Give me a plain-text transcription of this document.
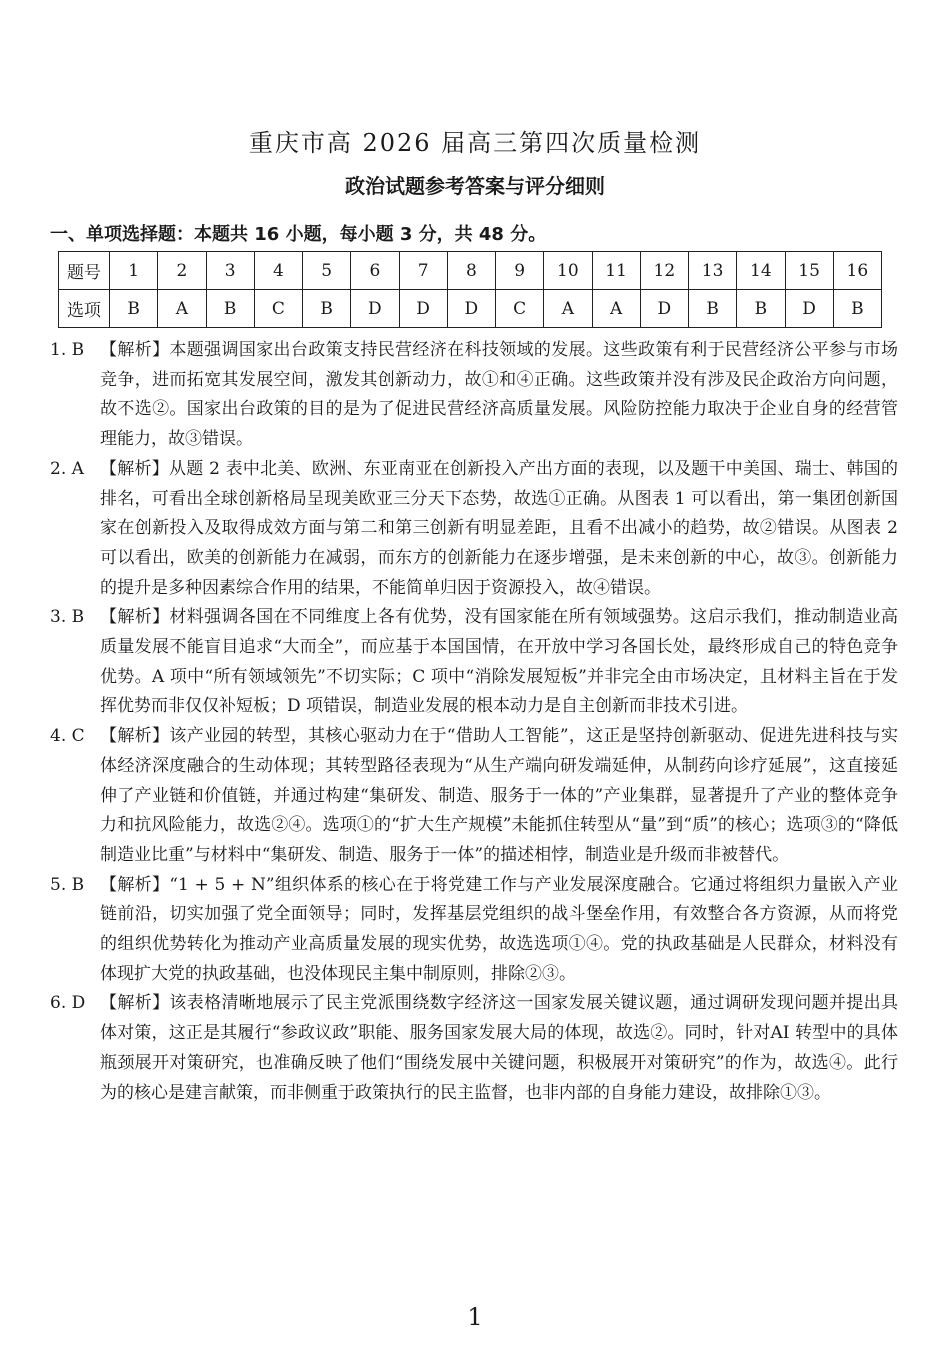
重庆市高 2026 届高三第四次质量检测
政治试题参考答案与评分细则
一、单项选择题：本题共 16 小题，每小题 3 分，共 48 分。
题号	1	2	3	4	5	6	7	8	9	10	11	12	13	14	15	16
选项	B	A	B	C	B	D	D	D	C	A	A	D	B	B	D	B
1. B 【解析】本题强调国家出台政策支持民营经济在科技领域的发展。这些政策有利于民营经济公平参与市场竞争，进而拓宽其发展空间，激发其创新动力，故①和④正确。这些政策并没有涉及民企政治方向问题，故不选②。国家出台政策的目的是为了促进民营经济高质量发展。风险防控能力取决于企业自身的经营管理能力，故③错误。
2. A 【解析】从题 2 表中北美、欧洲、东亚南亚在创新投入产出方面的表现，以及题干中美国、瑞士、韩国的排名，可看出全球创新格局呈现美欧亚三分天下态势，故选①正确。从图表 1 可以看出，第一集团创新国家在创新投入及取得成效方面与第二和第三创新有明显差距，且看不出减小的趋势，故②错误。从图表 2 可以看出，欧美的创新能力在减弱，而东方的创新能力在逐步增强，是未来创新的中心，故③。创新能力的提升是多种因素综合作用的结果，不能简单归因于资源投入，故④错误。
3. B 【解析】材料强调各国在不同维度上各有优势，没有国家能在所有领域强势。这启示我们，推动制造业高质量发展不能盲目追求“大而全”，而应基于本国国情，在开放中学习各国长处，最终形成自己的特色竞争优势。A 项中“所有领域领先”不切实际；C 项中“消除发展短板”并非完全由市场决定，且材料主旨在于发挥优势而非仅仅补短板；D 项错误，制造业发展的根本动力是自主创新而非技术引进。
4. C 【解析】该产业园的转型，其核心驱动力在于“借助人工智能”，这正是坚持创新驱动、促进先进科技与实体经济深度融合的生动体现；其转型路径表现为“从生产端向研发端延伸，从制药向诊疗延展”，这直接延伸了产业链和价值链，并通过构建“集研发、制造、服务于一体的”产业集群，显著提升了产业的整体竞争力和抗风险能力，故选②④。选项①的“扩大生产规模”未能抓住转型从“量”到“质”的核心；选项③的“降低制造业比重”与材料中“集研发、制造、服务于一体”的描述相悖，制造业是升级而非被替代。
5. B 【解析】“1 + 5 + N”组织体系的核心在于将党建工作与产业发展深度融合。它通过将组织力量嵌入产业链前沿，切实加强了党全面领导；同时，发挥基层党组织的战斗堡垒作用，有效整合各方资源，从而将党的组织优势转化为推动产业高质量发展的现实优势，故选选项①④。党的执政基础是人民群众，材料没有体现扩大党的执政基础，也没体现民主集中制原则，排除②③。
6. D 【解析】该表格清晰地展示了民主党派围绕数字经济这一国家发展关键议题，通过调研发现问题并提出具体对策，这正是其履行“参政议政”职能、服务国家发展大局的体现，故选②。同时，针对AI 转型中的具体瓶颈展开对策研究，也准确反映了他们“围绕发展中关键问题，积极展开对策研究”的作为，故选④。此行为的核心是建言献策，而非侧重于政策执行的民主监督，也非内部的自身能力建设，故排除①③。
1
